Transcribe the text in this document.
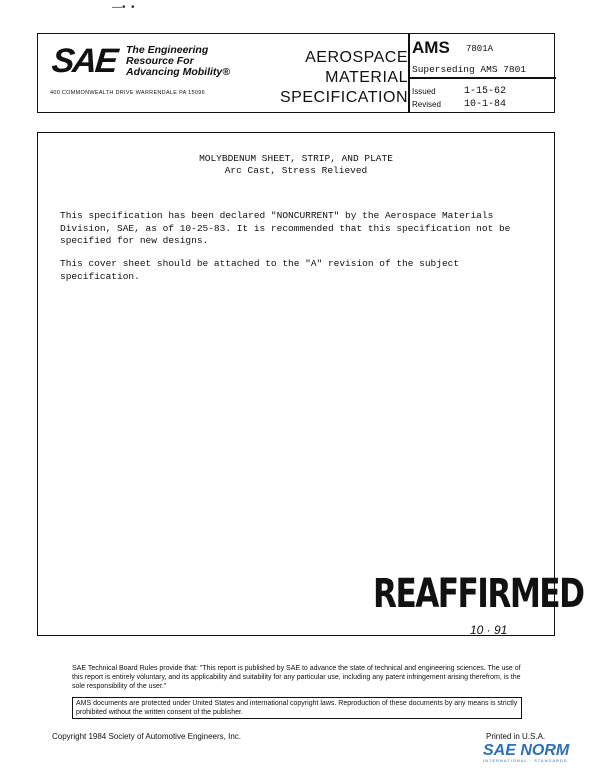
—•  •
SAE The Engineering
Resource For
Advancing Mobility®
400 COMMONWEALTH DRIVE WARRENDALE PA 15096
AEROSPACE
MATERIAL
SPECIFICATION
AMS 7801A
Superseding AMS 7801
Issued	1-15-62
Revised 10-1-84
MOLYBDENUM SHEET, STRIP, AND PLATE
Arc Cast, Stress Relieved
This specification has been declared "NONCURRENT" by the Aerospace Materials Division, SAE, as of 10-25-83. It is recommended that this specification not be specified for new designs.
This cover sheet should be attached to the "A" revision of the subject specification.
REAFFIRMED
10 · 91
SAE Technical Board Rules provide that: "This report is published by SAE to advance the state of technical and engineering sciences. The use of this report is entirely voluntary, and its applicability and suitability for any particular use, including any patent infringement arising therefrom, is the sole responsibility of the user."
AMS documents are protected under United States and international copyright laws. Reproduction of these documents by any means is strictly prohibited without the written consent of the publisher.
Copyright 1984 Society of Automotive Engineers, Inc.	Printed in U.S.A.
SAE NORM
INTERNATIONAL · STANDARDS
